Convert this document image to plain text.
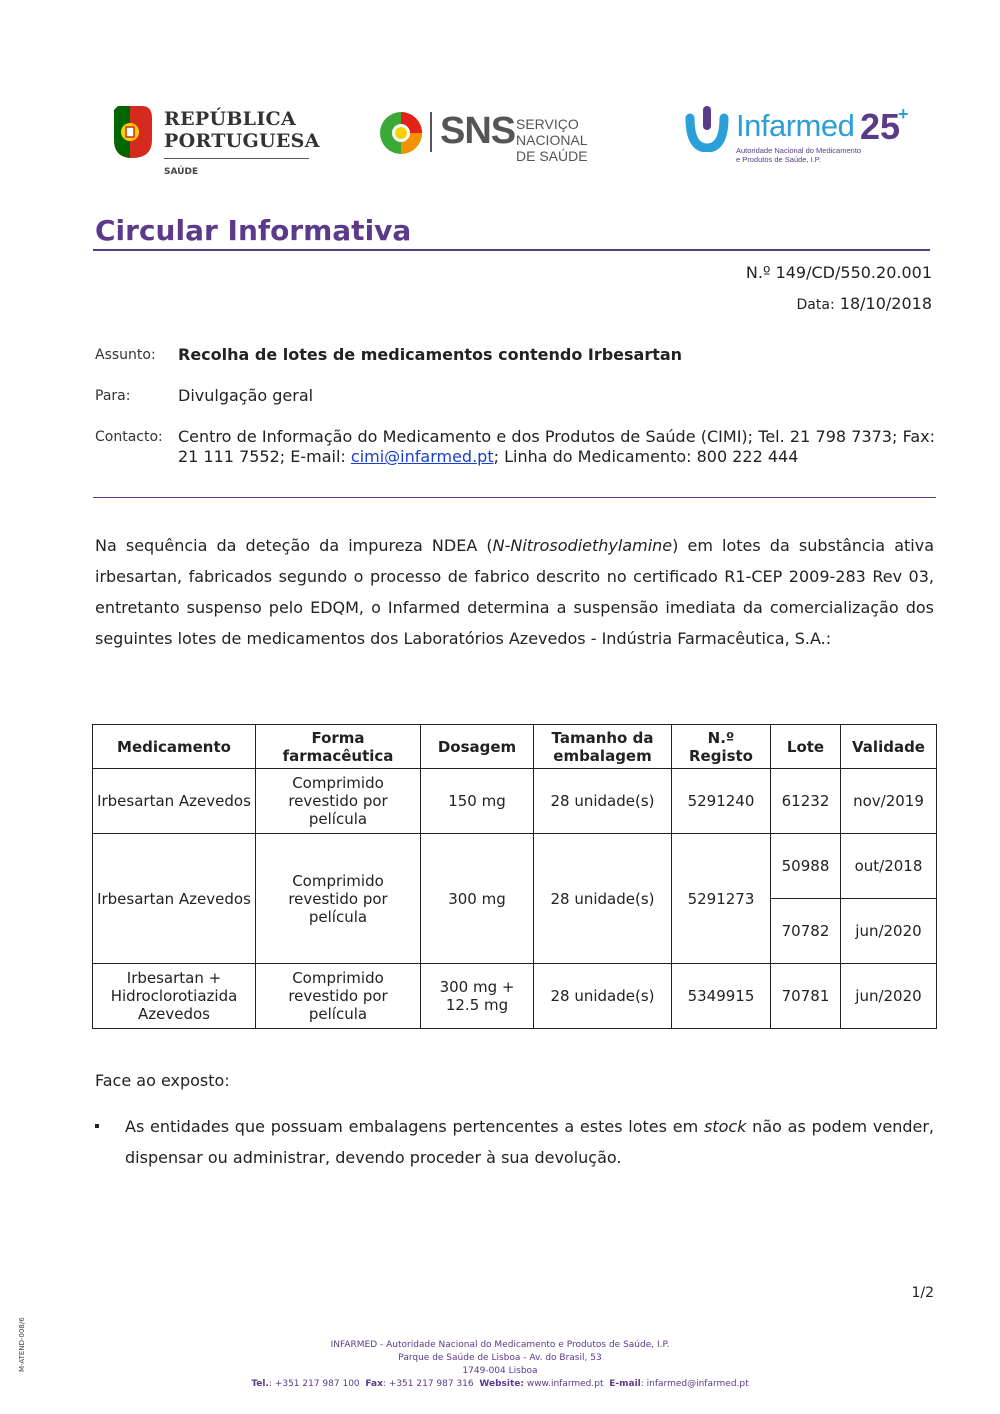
REPÚBLICA
PORTUGUESA
SAÚDE
SNS SERVIÇO NACIONAL
DE SAÚDE
Infarmed 25
+
Autoridade Nacional do Medicamento
e Produtos de Saúde, I.P.
Circular Informativa
N.º 149/CD/550.20.001
Data: 18/10/2018
Assunto: Recolha de lotes de medicamentos contendo Irbesartan
Para:	Divulgação geral
Contacto: Centro de Informação do Medicamento e dos Produtos de Saúde (CIMI); Tel. 21 798 7373; Fax: 21 111 7552; E-mail: cimi@infarmed.pt; Linha do Medicamento: 800 222 444
Na sequência da deteção da impureza NDEA (N-Nitrosodiethylamine) em lotes da substância ativa irbesartan, fabricados segundo o processo de fabrico descrito no certificado R1-CEP 2009-283 Rev 03, entretanto suspenso pelo EDQM, o Infarmed determina a suspensão imediata da comercialização dos seguintes lotes de medicamentos dos Laboratórios Azevedos - Indústria Farmacêutica, S.A.:
Medicamento	Forma farmacêutica	Dosagem	Tamanho da embalagem	N.º Registo	Lote	Validade
Irbesartan Azevedos	Comprimido revestido por película	150 mg	28 unidade(s)	5291240	61232	nov/2019
Irbesartan Azevedos	Comprimido revestido por película	300 mg	28 unidade(s)	5291273	50988	out/2018
					70782	jun/2020
Irbesartan + Hidroclorotiazida Azevedos	Comprimido revestido por película	300 mg + 12.5 mg	28 unidade(s)	5349915	70781	jun/2020
Face ao exposto:
As entidades que possuam embalagens pertencentes a estes lotes em stock não as podem vender, dispensar ou administrar, devendo proceder à sua devolução.
1/2
INFARMED - Autoridade Nacional do Medicamento e Produtos de Saúde, I.P.
Parque de Saúde de Lisboa - Av. do Brasil, 53
1749-004 Lisboa
Tel.: +351 217 987 100 Fax: +351 217 987 316 Website: www.infarmed.pt E-mail: infarmed@infarmed.pt
M-ATEND-008/6
